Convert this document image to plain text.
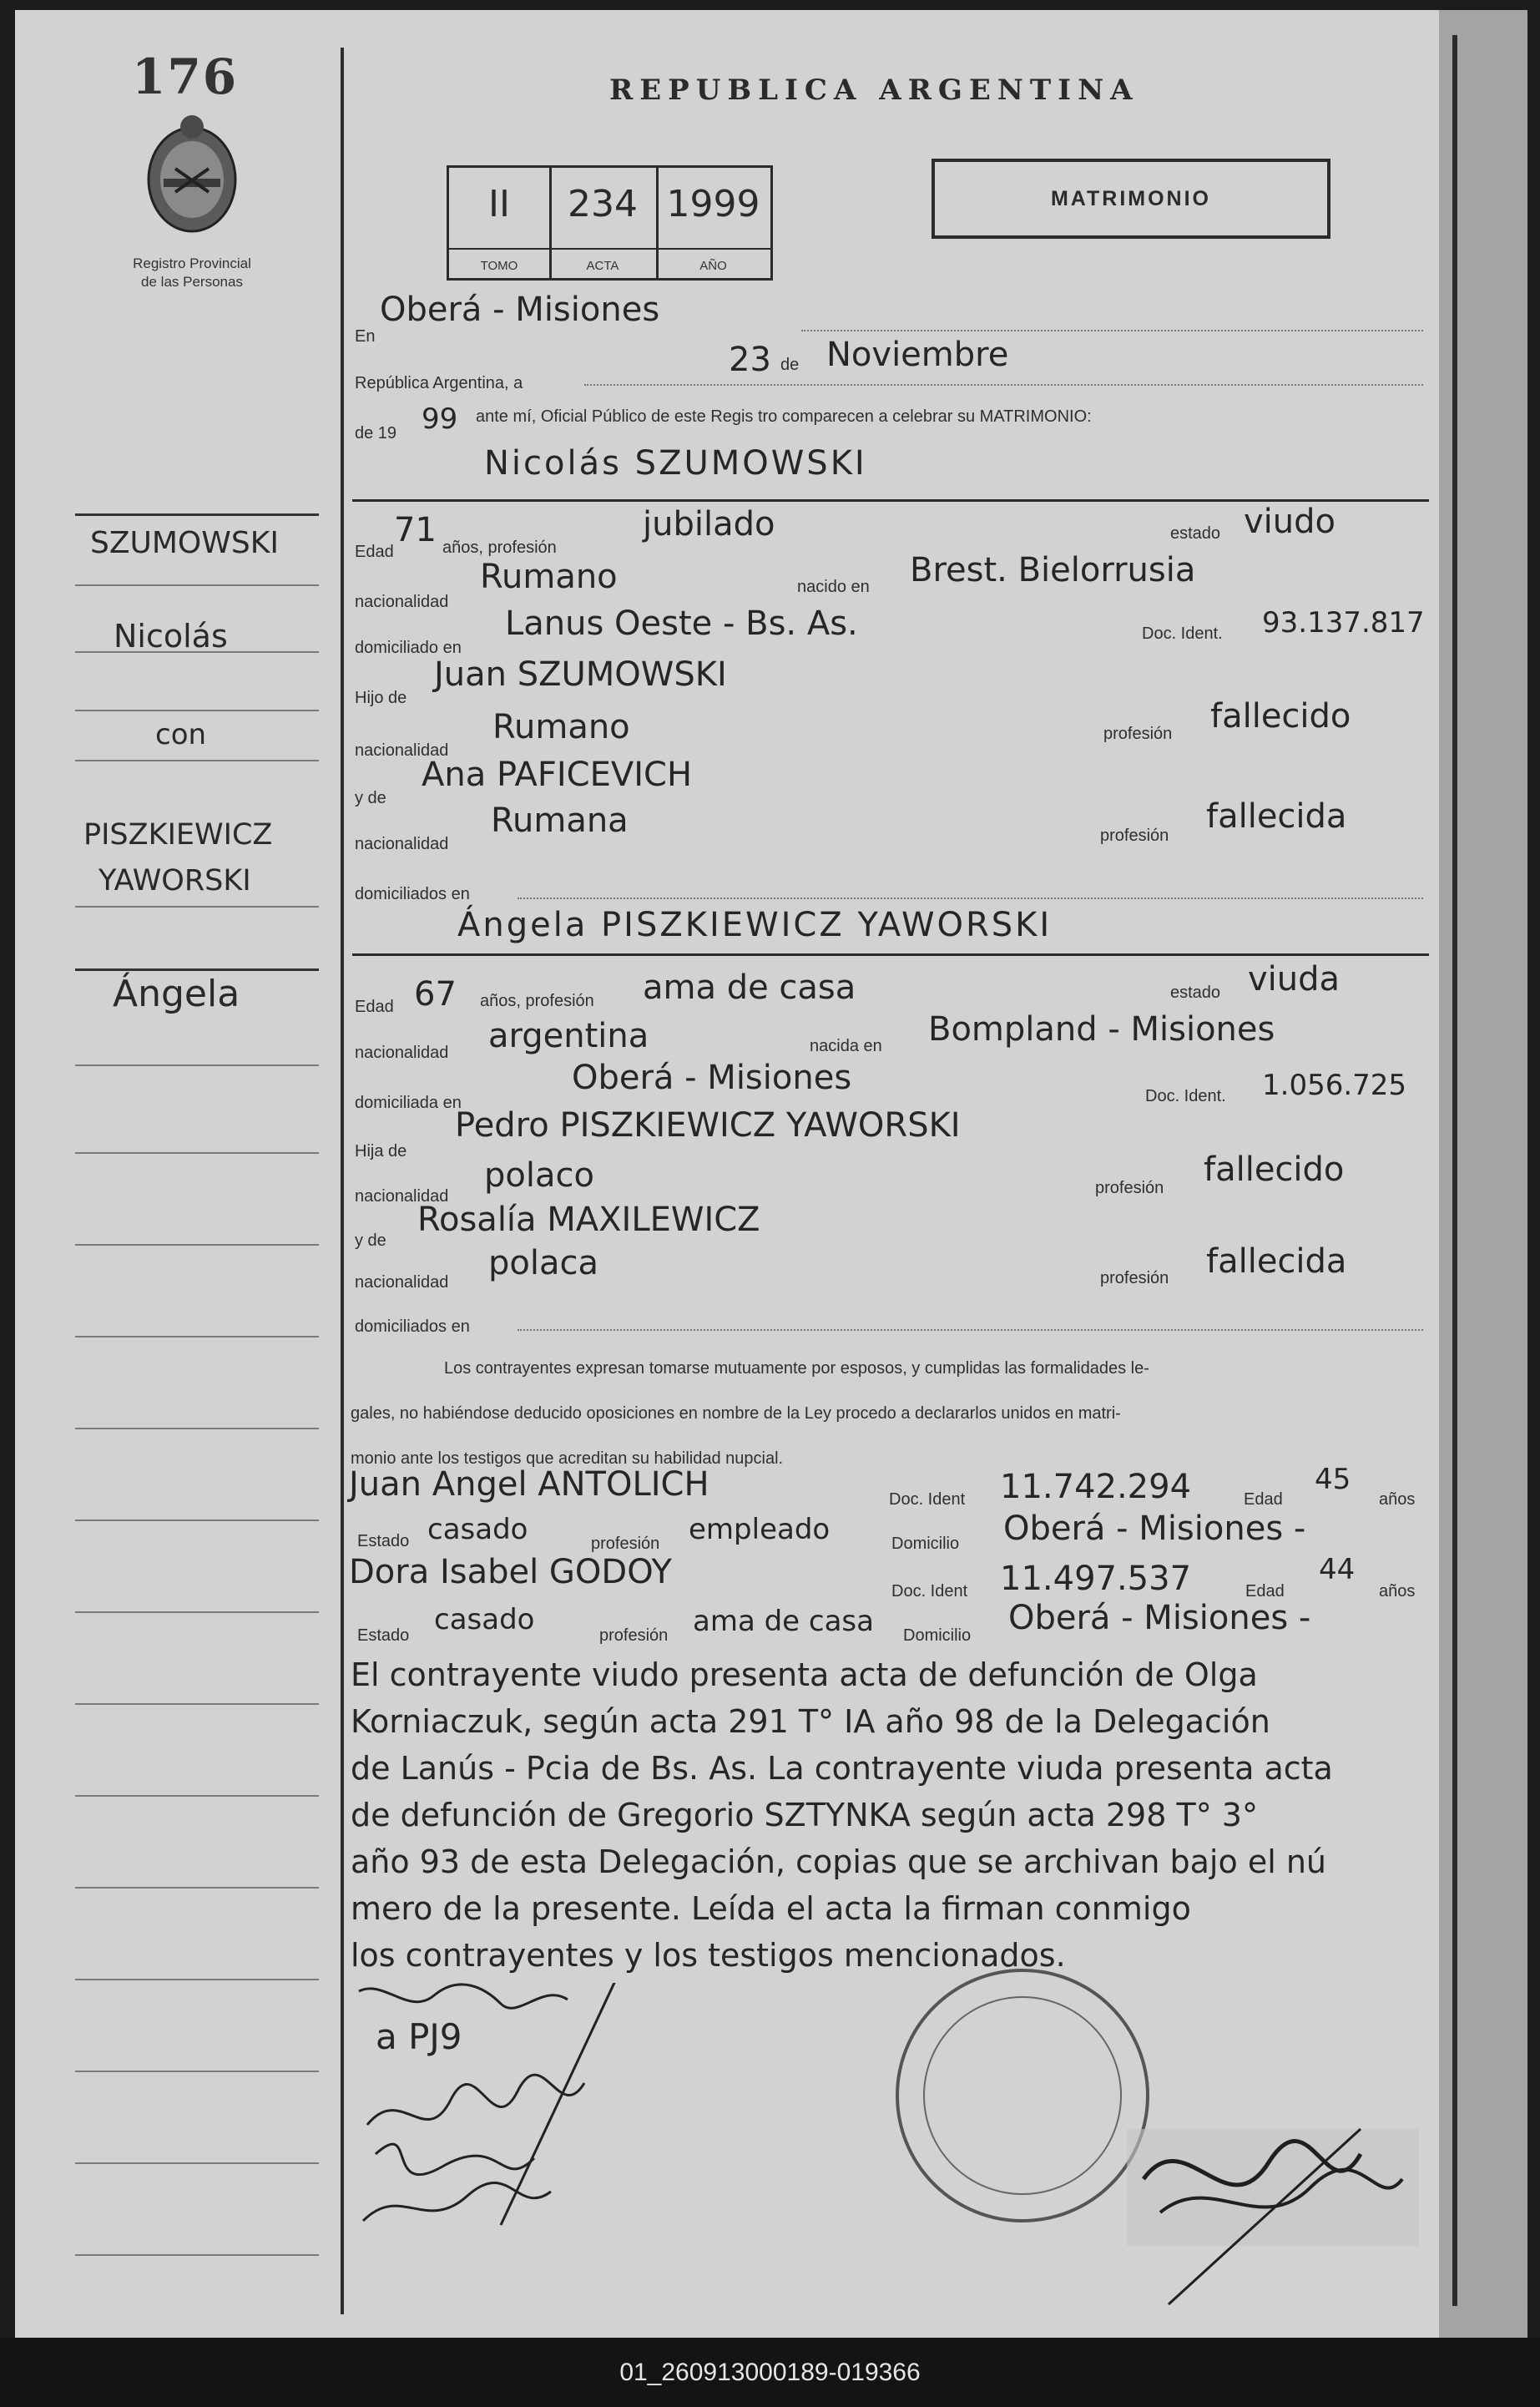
176
Registro Provincial
de las Personas
REPUBLICA ARGENTINA
II
TOMO
234
ACTA
1999
AÑO
MATRIMONIO
SZUMOWSKI
Nicolás
con
PISZKIEWICZ
YAWORSKI
Ángela
En
Oberá - Misiones
República Argentina, a
23 de Noviembre
de 19 99 ante mí, Oficial Público de este Regis tro comparecen a celebrar su MATRIMONIO:
Nicolás SZUMOWSKI
Edad
71 años, profesión
jubilado	estado viudo
nacionalidad
Rumano	nacido en Brest. Bielorrusia
domiciliado en
Lanus Oeste - Bs. As.	Doc. Ident. 93.137.817
Hijo de
Juan SZUMOWSKI
nacionalidad
Rumano	profesión fallecido
y de
Ana PAFICEVICH
nacionalidad
Rumana	profesión fallecida
domiciliados en
Ángela PISZKIEWICZ YAWORSKI
Edad 67 años, profesión ama de casa	estado viuda
nacionalidad argentina	nacida en Bompland - Misiones
domiciliada en
Oberá - Misiones	Doc. Ident. 1.056.725
Hija de
Pedro PISZKIEWICZ YAWORSKI
nacionalidad
polaco	profesión fallecido
y de
Rosalía MAXILEWICZ
nacionalidad polaca	profesión fallecida
domiciliados en
Los contrayentes expresan tomarse mutuamente por esposos, y cumplidas las formalidades le-
gales, no habiéndose deducido oposiciones en nombre de la Ley procedo a declararlos unidos en matri-
monio ante los testigos que acreditan su habilidad nupcial.
Juan Angel ANTOLICH	Doc. Ident 11.742.294	Edad
45
años
Estado casado	profesión empleado	Domicilio Oberá - Misiones -
Dora Isabel GODOY	Doc. Ident 11.497.537	Edad
44
años
Estado casado	profesión ama de casa Domicilio Oberá - Misiones -
El contrayente viudo presenta acta de defunción de Olga
Korniaczuk, según acta 291 T° IA año 98 de la Delegación
de Lanús - Pcia de Bs. As. La contrayente viuda presenta acta
de defunción de Gregorio SZTYNKA según acta 298 T° 3°
año 93 de esta Delegación, copias que se archivan bajo el nú
mero de la presente. Leída el acta la firman conmigo
los contrayentes y los testigos mencionados.
a PJ9
01_260913000189-019366
